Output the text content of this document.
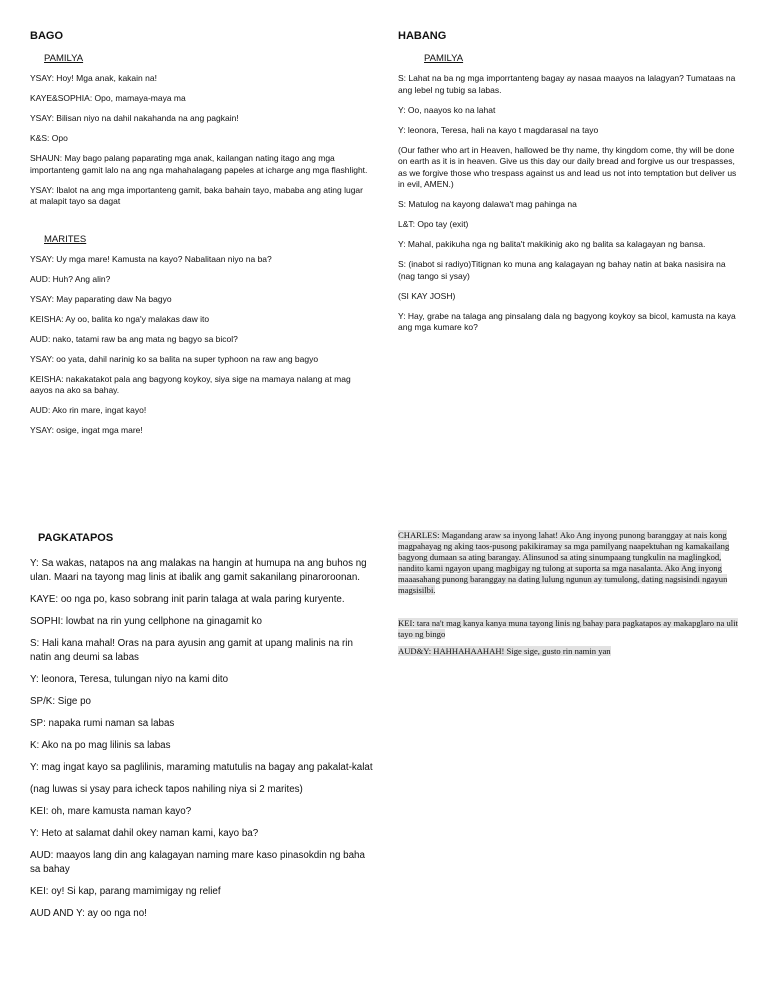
BAGO
PAMILYA

YSAY: Hoy! Mga anak, kakain na!

KAYE&SOPHIA: Opo, mamaya-maya ma

YSAY: Bilisan niyo na dahil nakahanda na ang pagkain!

K&S: Opo

SHAUN: May bago palang paparating mga anak, kailangan nating itago ang mga importanteng gamit lalo na ang nga mahahalagang papeles at icharge ang mga flashlight.

YSAY: Ibalot na ang mga importanteng gamit, baka bahain tayo, mababa ang ating lugar at malapit tayo sa dagat

MARITES

YSAY: Uy mga mare! Kamusta na kayo? Nabalitaan niyo na ba?

AUD: Huh? Ang alin?

YSAY: May paparating daw Na bagyo

KEISHA: Ay oo, balita ko nga'y malakas daw ito

AUD: nako, tatami raw ba ang mata ng bagyo sa bicol?

YSAY: oo yata, dahil narinig ko sa balita na super typhoon na raw ang bagyo

KEISHA: nakakatakot pala ang bagyong koykoy, siya sige na mamaya nalang at mag aayos na ako sa bahay.

AUD: Ako rin mare, ingat kayo!

YSAY: osige, ingat mga mare!

HABANG
PAMILYA

S: Lahat na ba ng mga imporrtanteng bagay ay nasaa maayos na lalagyan? Tumataas na ang lebel ng tubig sa labas.

Y: Oo, naayos ko na lahat

Y: leonora, Teresa, hali na kayo t magdarasal na tayo

(Our father who art in Heaven, hallowed be thy name, thy kingdom come, thy will be done on earth as it is in heaven. Give us this day our daily bread and forgive us our trespasses, as we forgive those who trespass against us and lead us not into temptation but deliver us in evil, AMEN.)

S: Matulog na kayong dalawa't mag pahinga na

L&T: Opo tay (exit)

Y: Mahal, pakikuha nga ng balita't makikinig ako ng balita sa kalagayan ng bansa.

S: (inabot si radiyo)Titignan ko muna ang kalagayan ng bahay natin at baka nasisira na (nag tango si ysay)

(SI KAY JOSH)

Y: Hay, grabe na talaga ang pinsalang dala ng bagyong koykoy sa bicol, kamusta na kaya ang mga kumare ko?

PAGKATAPOS

Y: Sa wakas, natapos na ang malakas na hangin at humupa na ang buhos ng ulan. Maari na tayong mag linis at ibalik ang gamit sakanilang pinaroroonan.

KAYE: oo nga po, kaso sobrang init parin talaga at wala paring kuryente.

SOPHI: lowbat na rin yung cellphone na ginagamit ko

S: Hali kana mahal! Oras na para ayusin ang gamit at upang malinis na rin natin ang deumi sa labas

Y: leonora, Teresa, tulungan niyo na kami dito

SP/K: Sige po

SP: napaka rumi naman sa labas

K: Ako na po mag lilinis sa labas

Y: mag ingat kayo sa paglilinis, maraming matutulis na bagay ang pakalat-kalat

(nag luwas si ysay para icheck tapos nahiling niya si 2 marites)

KEI: oh, mare kamusta naman kayo?

Y: Heto at salamat dahil okey naman kami, kayo ba?

AUD: maayos lang din ang kalagayan naming mare kaso pinasokdin ng baha sa bahay

KEI: oy! Si kap, parang mamimigay ng relief

AUD AND Y: ay oo nga no!

CHARLES: Magandang araw sa inyong lahat! Ako Ang inyong punong baranggay at nais kong magpahayag ng aking taos-pusong pakikiramay sa mga pamilyang naapektuhan ng kamakailang bagyong dumaan sa ating barangay. Alinsunod sa ating sinumpaang tungkulin na maglingkod, nandito kami ngayon upang magbigay ng tulong at suporta sa mga nasalanta. Ako Ang inyong maaasahang punong baranggay na dating lulung ngunun ay tumulong, dating nagsisindi ngayun magsisilbi.

KEI: tara na't mag kanya kanya muna tayong linis ng bahay para pagkatapos ay makapglaro na ulit tayo ng bingo

AUD&Y: HAHHAHAAHAH! Sige sige, gusto rin namin yan
